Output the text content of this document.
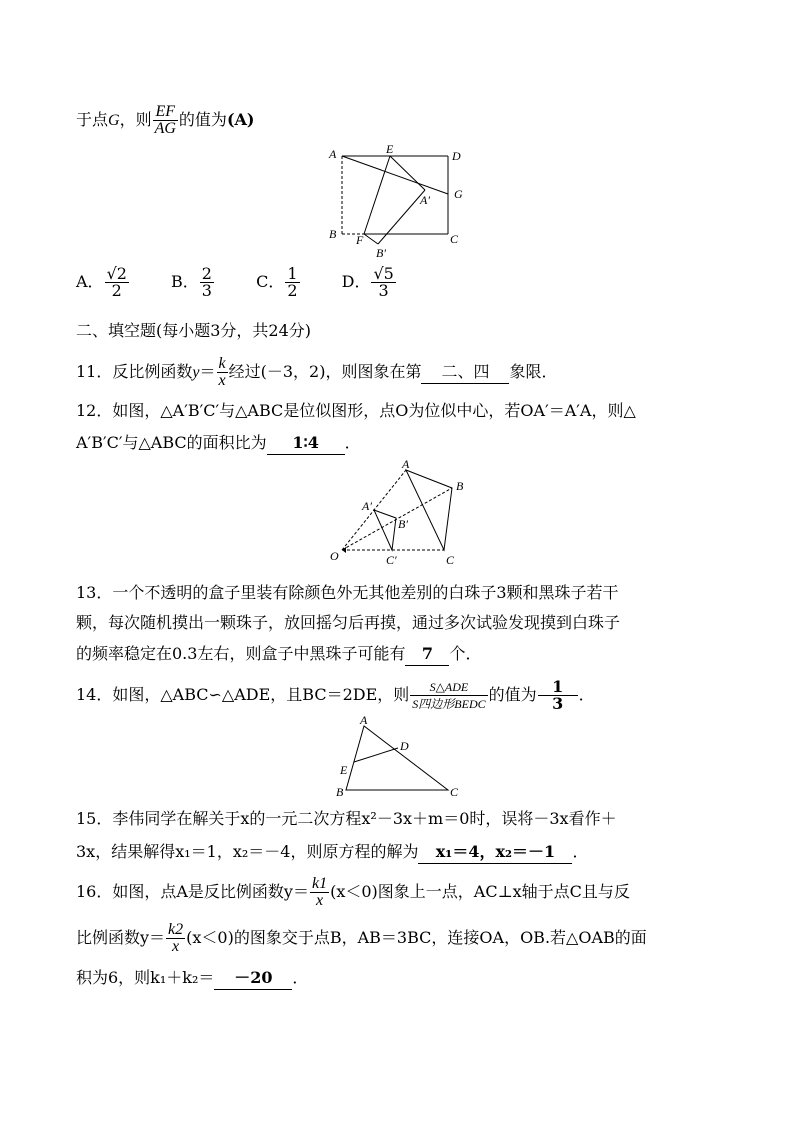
于点G，则 $\frac{EF}{AG}$ 的值为(A)
A	E	D
G
A′
B F
B′
C
A． $\frac{√2}{2}$	B． $\frac{2}{3}$	C． $\frac{1}{2}$	D． $\frac{√5}{3}$
二、填空题(每小题3分，共24分)
11．反比例函数$y= \frac{k}{x}$ 经过(－3，2)，则图象在第 二、四 象限．
12．如图，△A′B′C′与△ABC是位似图形，点O为位似中心，若OA′＝A′A，则△
A′B′C′与△ABC的面积比为 1∶4 ．
A
B
A′
B′
O	C′	C
13．一个不透明的盒子里装有除颜色外无其他差别的白珠子3颗和黑珠子若干
颗，每次随机摸出一颗珠子，放回摇匀后再摸，通过多次试验发现摸到白珠子
的频率稳定在0.3左右，则盒子中黑珠子可能有 7 个．
14．如图，△ABC∽△ADE，且BC＝2DE，则 $\frac{\text{S△ADE}}{\text{S四边形BEDC}}$ 的值为 $\frac{1}{3}$ ．
A
D
E
B	C
15．李伟同学在解关于x的一元二次方程x²－3x＋m＝0时，误将－3x看作＋
3x，结果解得x₁＝1，x₂＝－4，则原方程的解为 x₁＝4，x₂＝－1 ．
16．如图，点A是反比例函数$y= \frac{k1}{x} (x<0)$图象上一点，AC⊥x轴于点C且与反
比例函数$y= \frac{k2}{x} (x<0)$的图象交于点B，AB＝3BC，连接OA，OB.若△OAB的面
积为6，则k₁＋k₂＝ －20 ．
